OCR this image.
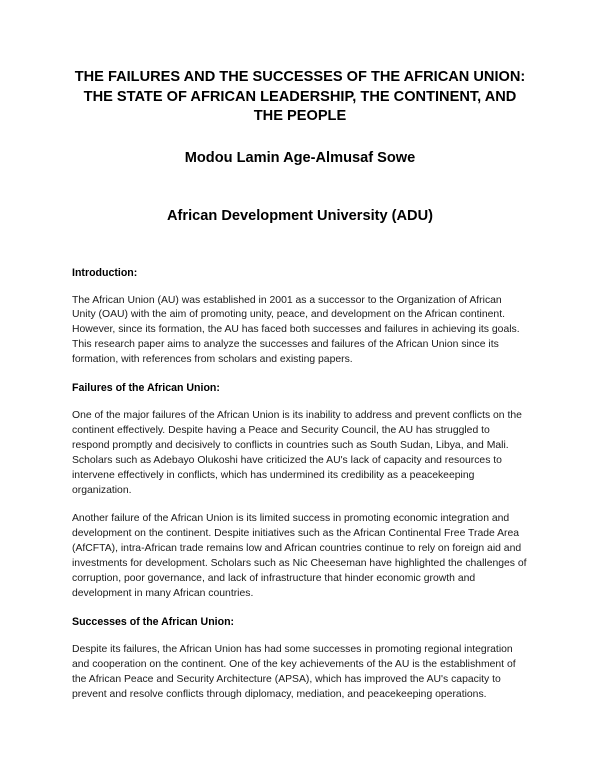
THE FAILURES AND THE SUCCESSES OF THE AFRICAN UNION:
THE STATE OF AFRICAN LEADERSHIP, THE CONTINENT, AND
THE PEOPLE
Modou Lamin Age-Almusaf Sowe
African Development University (ADU)
Introduction:

The African Union (AU) was established in 2001 as a successor to the Organization of African Unity (OAU) with the aim of promoting unity, peace, and development on the African continent. However, since its formation, the AU has faced both successes and failures in achieving its goals. This research paper aims to analyze the successes and failures of the African Union since its formation, with references from scholars and existing papers.

Failures of the African Union:

One of the major failures of the African Union is its inability to address and prevent conflicts on the continent effectively. Despite having a Peace and Security Council, the AU has struggled to respond promptly and decisively to conflicts in countries such as South Sudan, Libya, and Mali. Scholars such as Adebayo Olukoshi have criticized the AU's lack of capacity and resources to intervene effectively in conflicts, which has undermined its credibility as a peacekeeping organization.

Another failure of the African Union is its limited success in promoting economic integration and development on the continent. Despite initiatives such as the African Continental Free Trade Area (AfCFTA), intra-African trade remains low and African countries continue to rely on foreign aid and investments for development. Scholars such as Nic Cheeseman have highlighted the challenges of corruption, poor governance, and lack of infrastructure that hinder economic growth and development in many African countries.

Successes of the African Union:

Despite its failures, the African Union has had some successes in promoting regional integration and cooperation on the continent. One of the key achievements of the AU is the establishment of the African Peace and Security Architecture (APSA), which has improved the AU's capacity to prevent and resolve conflicts through diplomacy, mediation, and peacekeeping operations.
